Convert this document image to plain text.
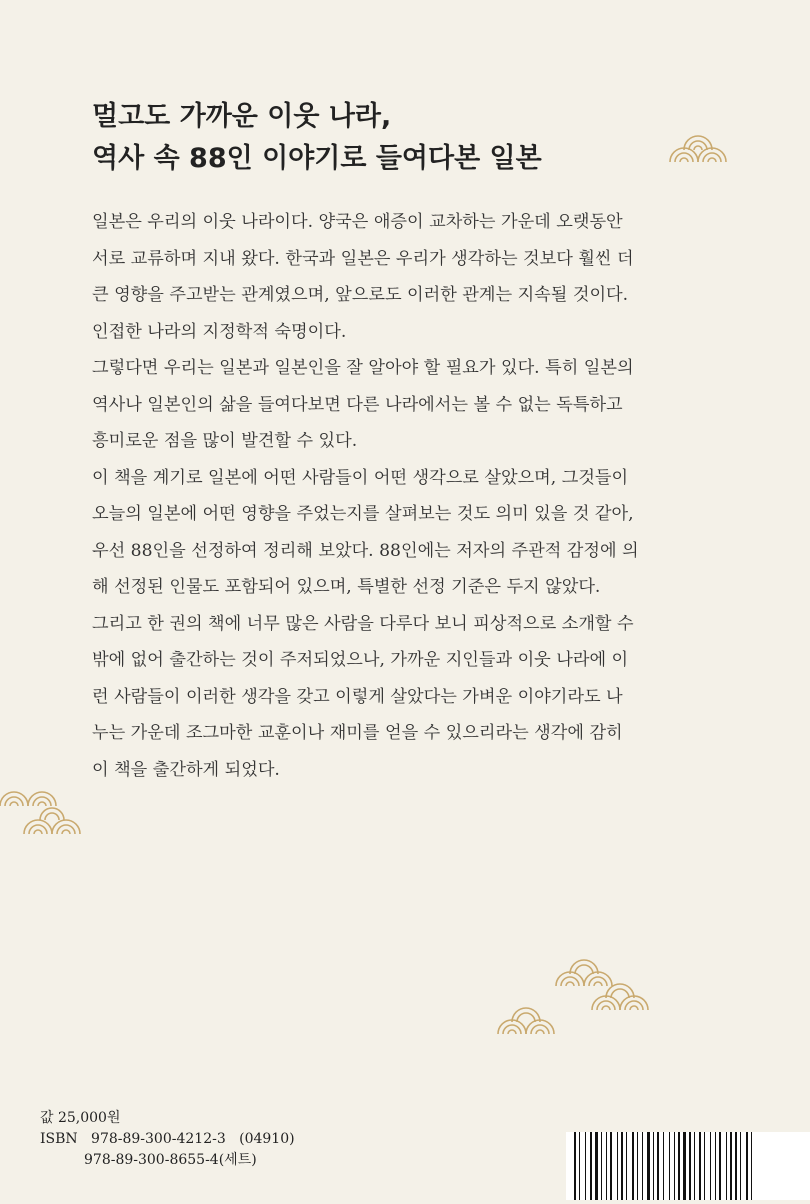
멀고도 가까운 이웃 나라,
역사 속 88인 이야기로 들여다본 일본
일본은 우리의 이웃 나라이다. 양국은 애증이 교차하는 가운데 오랫동안
서로 교류하며 지내 왔다. 한국과 일본은 우리가 생각하는 것보다 훨씬 더
큰 영향을 주고받는 관계였으며, 앞으로도 이러한 관계는 지속될 것이다.
인접한 나라의 지정학적 숙명이다.
그렇다면 우리는 일본과 일본인을 잘 알아야 할 필요가 있다. 특히 일본의
역사나 일본인의 삶을 들여다보면 다른 나라에서는 볼 수 없는 독특하고
흥미로운 점을 많이 발견할 수 있다.
이 책을 계기로 일본에 어떤 사람들이 어떤 생각으로 살았으며, 그것들이
오늘의 일본에 어떤 영향을 주었는지를 살펴보는 것도 의미 있을 것 같아,
우선 88인을 선정하여 정리해 보았다. 88인에는 저자의 주관적 감정에 의
해 선정된 인물도 포함되어 있으며, 특별한 선정 기준은 두지 않았다.
그리고 한 권의 책에 너무 많은 사람을 다루다 보니 피상적으로 소개할 수
밖에 없어 출간하는 것이 주저되었으나, 가까운 지인들과 이웃 나라에 이
런 사람들이 이러한 생각을 갖고 이렇게 살았다는 가벼운 이야기라도 나
누는 가운데 조그마한 교훈이나 재미를 얻을 수 있으리라는 생각에 감히
이 책을 출간하게 되었다.
값 25,000원
ISBN 978-89-300-4212-3 (04910)
978-89-300-8655-4(세트)
